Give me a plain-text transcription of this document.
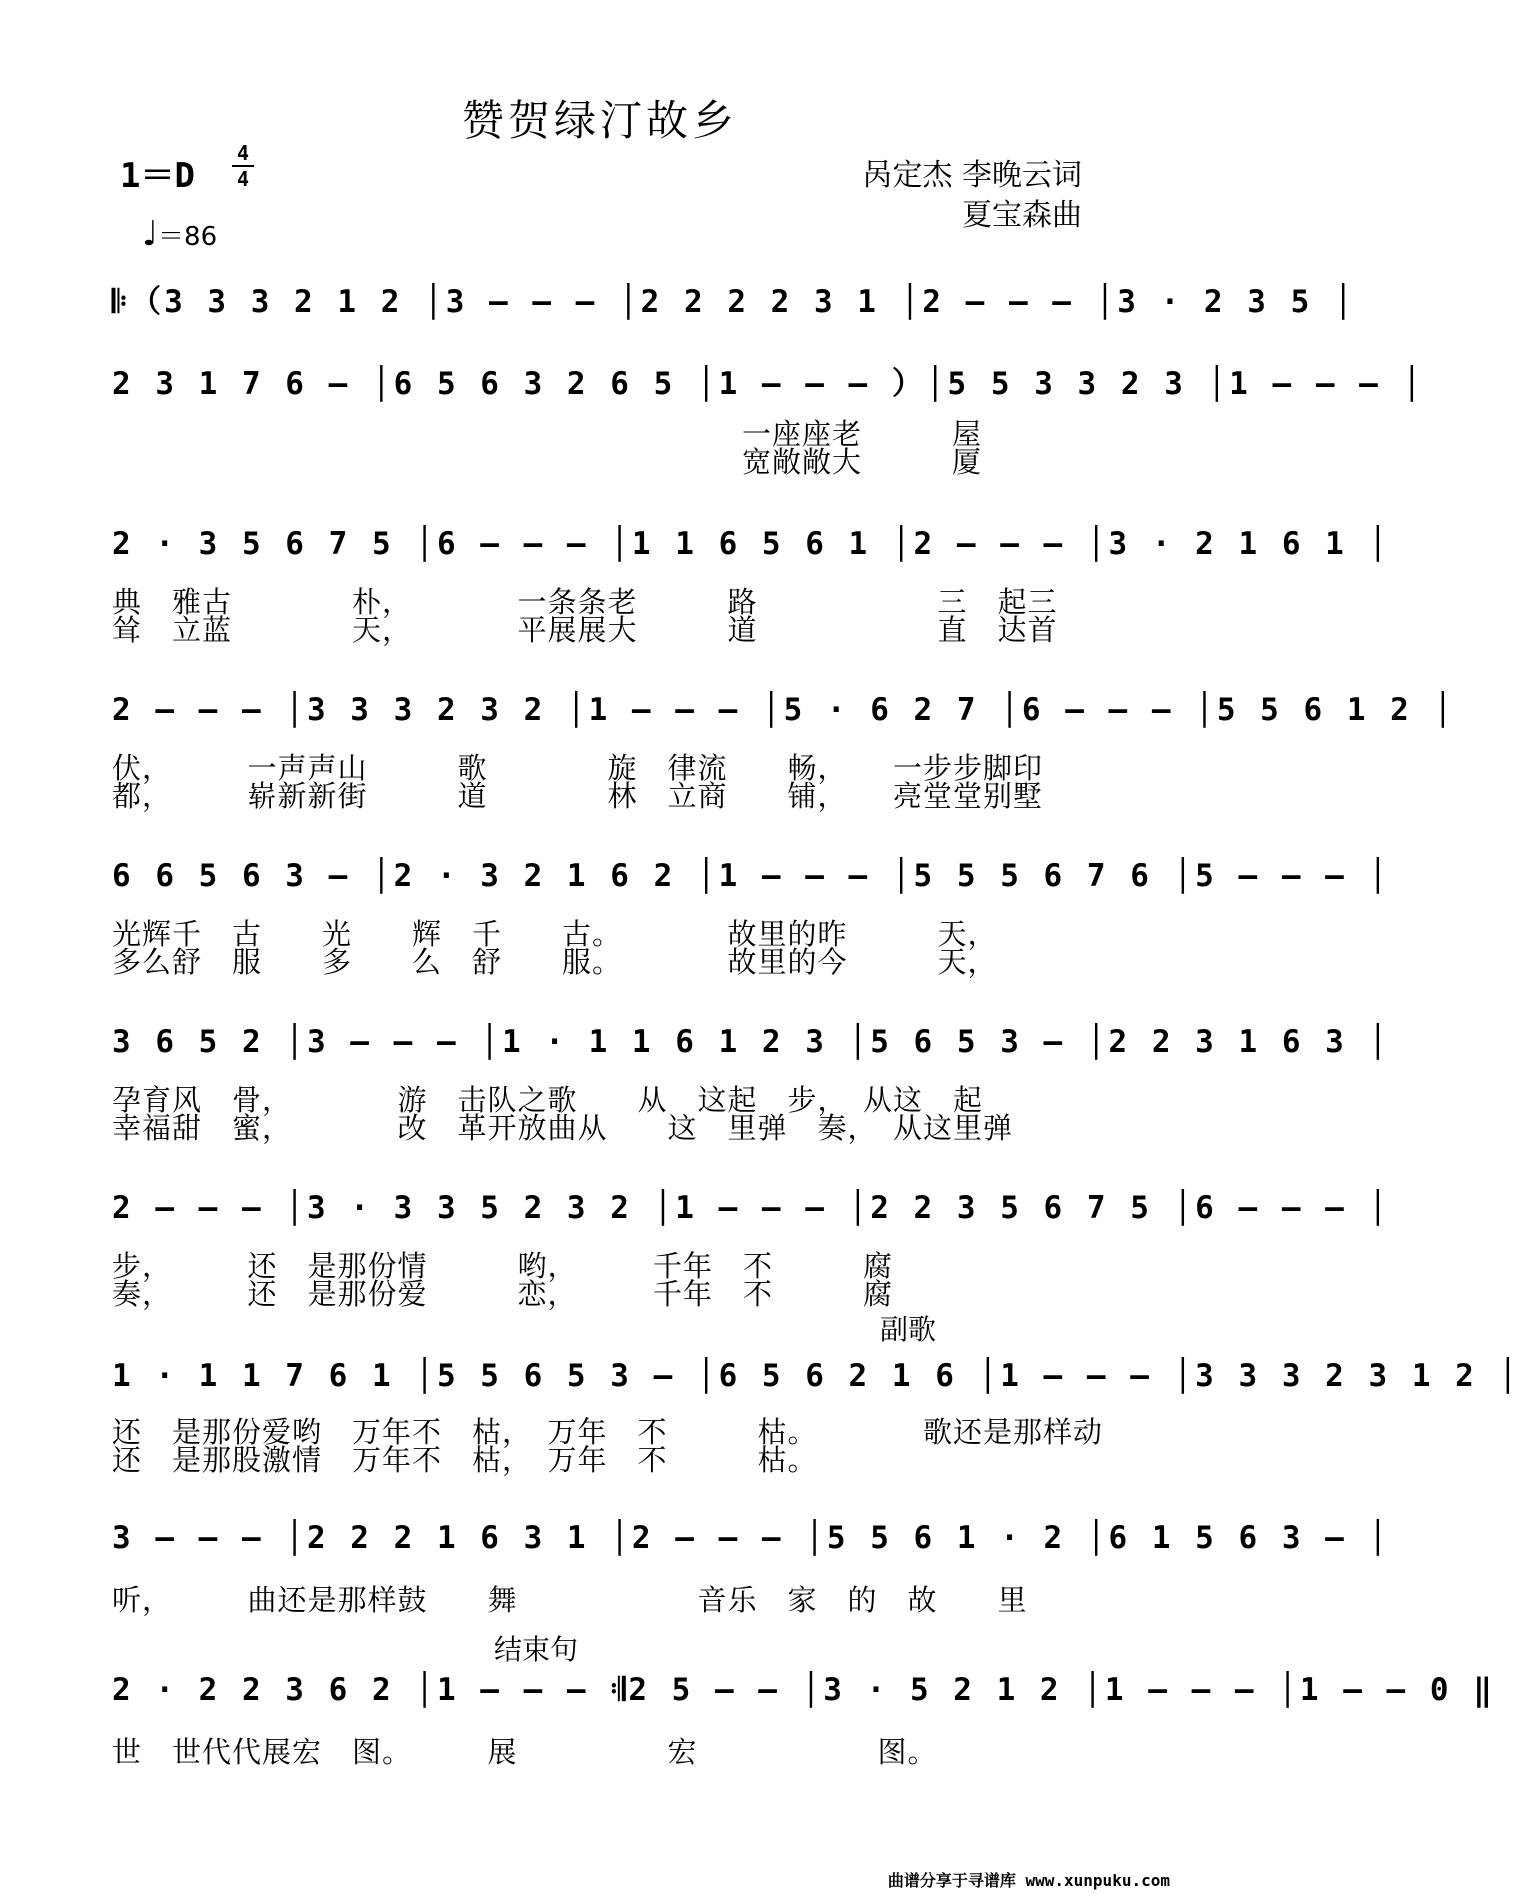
赞贺绿汀故乡
1＝D
4
4
♩＝86
呙定杰 李晚云词
夏宝森曲
𝄆（3 3 3 2 1 2 │3 – – – │2 2 2 2 3 1 │2 – – – │3 · 2 3 5 │
2 3 1 7 6 – │6 5 6 3 2 6 5 │1 – – – ）│5 5 3 3 2 3 │1 – – – │
一座座老　　　屋
宽敞敞大　　　厦
2 · 3 5 6 7 5 │6 – – – │1 1 6 5 6 1 │2 – – – │3 · 2 1 6 1 │
典　雅古　　　　朴，　　　　一条条老　　　路　　　　　　三　起三
耸　立蓝　　　　天，　　　　平展展大　　　道　　　　　　直　达首
2 – – – │3 3 3 2 3 2 │1 – – – │5 · 6 2 7 │6 – – – │5 5 6 1 2 │
伏，　　　一声声山　　　歌　　　　旋　律流　　畅，　　一步步脚印
都，　　　崭新新街　　　道　　　　林　立商　　铺，　　亮堂堂别墅
6 6 5 6 3 – │2 · 3 2 1 6 2 │1 – – – │5 5 5 6 7 6 │5 – – – │
光辉千　古　　光　　辉　千　　古。　　　　故里的昨　　　天，
多么舒　服　　多　　么　舒　　服。　　　　故里的今　　　天，
3 6 5 2 │3 – – – │1 · 1 1 6 1 2 3 │5 6 5 3 – │2 2 3 1 6 3 │
孕育风　骨，　　　　游　击队之歌　　从　这起　步，　从这　起
幸福甜　蜜，　　　　改　革开放曲从　　这　里弹　奏，　从这里弹
2 – – – │3 · 3 3 5 2 3 2 │1 – – – │2 2 3 5 6 7 5 │6 – – – │
步，　　　还　是那份情　　　哟，　　　千年　不　　　腐
奏，　　　还　是那份爱　　　恋，　　　千年　不　　　腐
副歌
1 · 1 1 7 6 1 │5 5 6 5 3 – │6 5 6 2 1 6 │1 – – – │3 3 3 2 3 1 2 │
还　是那份爱哟　万年不　枯，　万年　不　　　枯。　　　　歌还是那样动
还　是那股激情　万年不　枯，　万年　不　　　枯。
3 – – – │2 2 2 1 6 3 1 │2 – – – │5 5 6 1 · 2 │6 1 5 6 3 – │
听，　　　曲还是那样鼓　　舞　　　　　　音乐　家　的　故　　里
结束句
2 · 2 2 3 6 2 │1 – – – 𝄇2 5 – – │3 · 5 2 1 2 │1 – – – │1 – – 0 ‖
世　世代代展宏　图。　　　展　　　　　宏　　　　　　图。
曲谱分享于寻谱库 www.xunpuku.com
